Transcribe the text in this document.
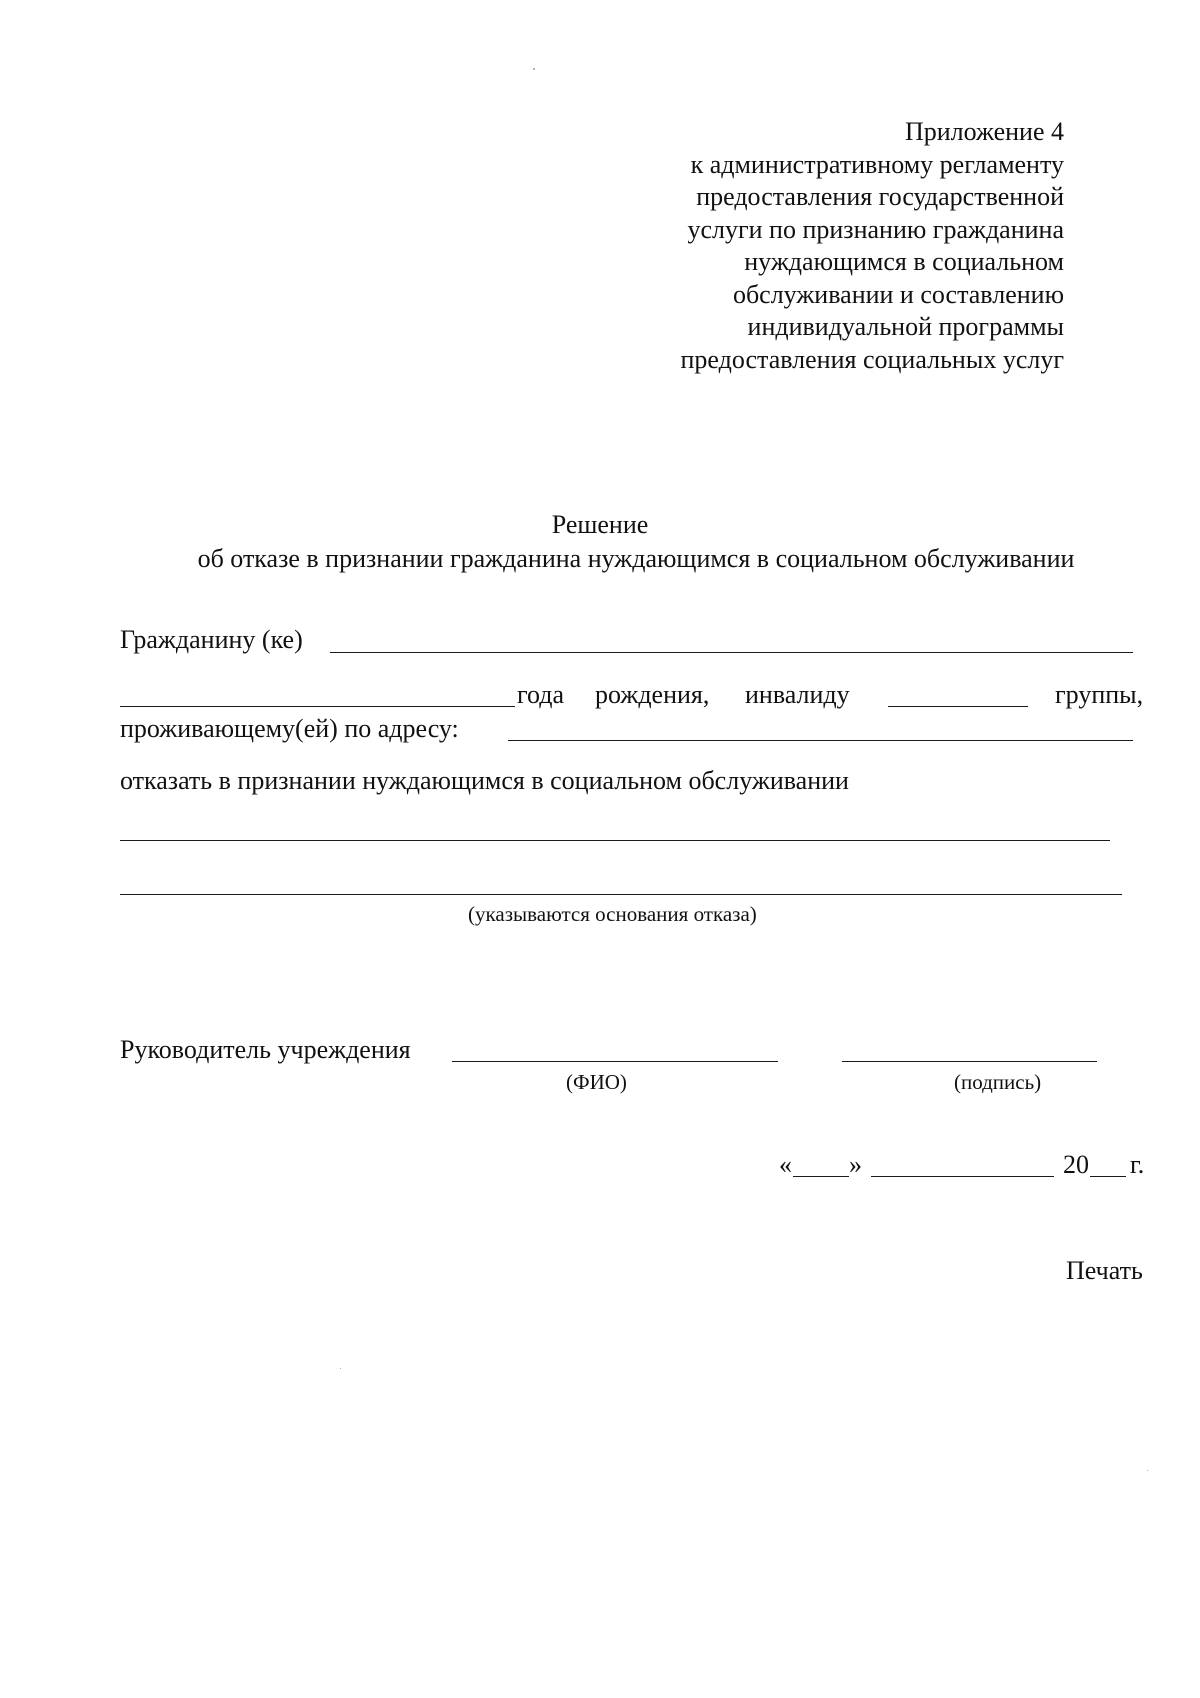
Приложение 4
к административному регламенту
предоставления государственной
услуги по признанию гражданина
нуждающимся в социальном
обслуживании и составлению
индивидуальной программы
предоставления социальных услуг
Решение
об отказе в признании гражданина нуждающимся в социальном обслуживании
Гражданину (ке)
года рождения, инвалиду	группы,
проживающему(ей) по адресу:
отказать в признании нуждающимся в социальном обслуживании
(указываются основания отказа)
Руководитель учреждения
(ФИО)	(подпись)
« »	20 г.
Печать
